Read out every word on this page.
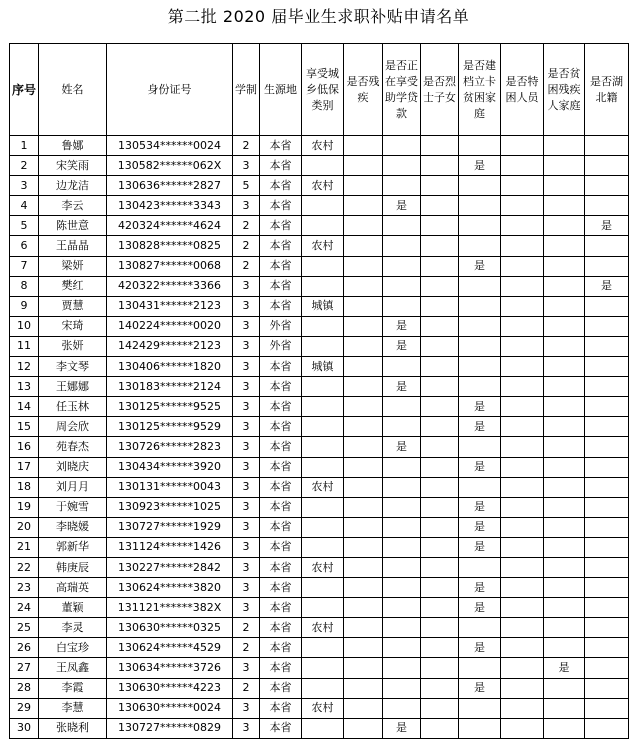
第二批 2020 届毕业生求职补贴申请名单
序号	姓名	身份证号	学制	生源地	享受城乡低保类别	是否残疾	是否正在享受助学贷款	是否烈士子女	是否建档立卡贫困家庭	是否特困人员	是否贫困残疾人家庭	是否湖北籍
1	鲁娜	130534******0024	2	本省	农村							
2	宋笑雨	130582******062X	3	本省					是			
3	边龙洁	130636******2827	5	本省	农村							
4	李云	130423******3343	3	本省			是					
5	陈世意	420324******4624	2	本省								是
6	王晶晶	130828******0825	2	本省	农村							
7	梁妍	130827******0068	2	本省					是			
8	樊红	420322******3366	3	本省								是
9	贾慧	130431******2123	3	本省	城镇							
10	宋琦	140224******0020	3	外省			是					
11	张妍	142429******2123	3	外省			是					
12	李文琴	130406******1820	3	本省	城镇							
13	王娜娜	130183******2124	3	本省			是					
14	任玉林	130125******9525	3	本省					是			
15	周会欣	130125******9529	3	本省					是			
16	苑春杰	130726******2823	3	本省			是					
17	刘晓庆	130434******3920	3	本省					是			
18	刘月月	130131******0043	3	本省	农村							
19	于婉雪	130923******1025	3	本省					是			
20	李晓媛	130727******1929	3	本省					是			
21	郭新华	131124******1426	3	本省					是			
22	韩庚辰	130227******2842	3	本省	农村							
23	高瑞英	130624******3820	3	本省					是			
24	董颖	131121******382X	3	本省					是			
25	李灵	130630******0325	2	本省	农村							
26	白宝珍	130624******4529	2	本省					是			
27	王凤鑫	130634******3726	3	本省							是	
28	李霞	130630******4223	2	本省					是			
29	李慧	130630******0024	3	本省	农村							
30	张晓利	130727******0829	3	本省			是					
